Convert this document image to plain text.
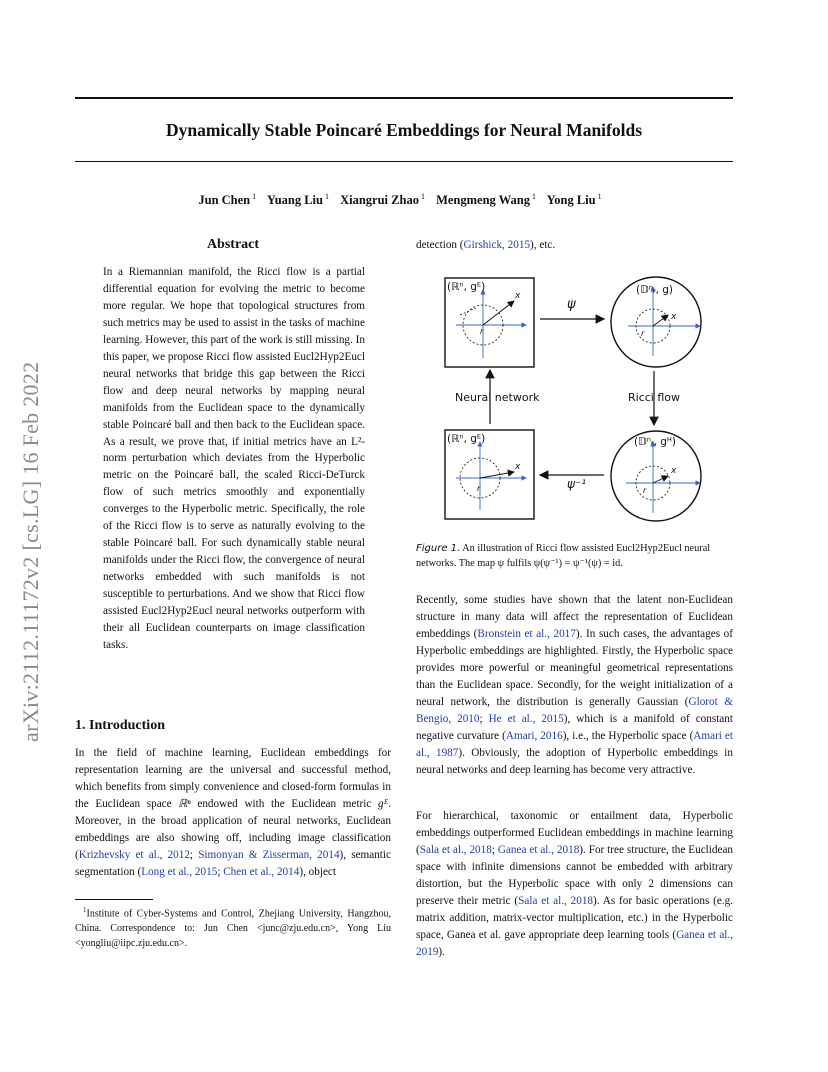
Dynamically Stable Poincaré Embeddings for Neural Manifolds
Jun Chen $^1$ Yuang Liu $^1$ Xiangrui Zhao $^1$ Mengmeng Wang $^1$ Yong Liu $^1$
arXiv:2112.11172v2 [cs.LG] 16 Feb 2022
Abstract
In a Riemannian manifold, the Ricci flow is a partial differential equation for evolving the metric to become more regular. We hope that topological structures from such metrics may be used to assist in the tasks of machine learning. However, this part of the work is still missing. In this paper, we propose Ricci flow assisted Eucl2Hyp2Eucl neural networks that bridge this gap between the Ricci flow and deep neural networks by mapping neural manifolds from the Euclidean space to the dynamically stable Poincaré ball and then back to the Euclidean space. As a result, we prove that, if initial metrics have an L²-norm perturbation which deviates from the Hyperbolic metric on the Poincaré ball, the scaled Ricci-DeTurck flow of such metrics smoothly and exponentially converges to the Hyperbolic metric. Specifically, the role of the Ricci flow is to serve as naturally evolving to the stable Poincaré ball. For such dynamically stable neural manifolds under the Ricci flow, the convergence of neural networks embedded with such manifolds is not susceptible to perturbations. And we show that Ricci flow assisted Eucl2Hyp2Eucl neural networks outperform with their all Euclidean counterparts on image classification tasks.
1. Introduction
In the field of machine learning, Euclidean embeddings for representation learning are the universal and successful method, which benefits from simply convenience and closed-form formulas in the Euclidean space ℝⁿ endowed with the Euclidean metric gᴱ. Moreover, in the broad application of neural networks, Euclidean embeddings are also showing off, including image classification (Krizhevsky et al., 2012; Simonyan & Zisserman, 2014), semantic segmentation (Long et al., 2015; Chen et al., 2014), object
$^1$Institute of Cyber-Systems and Control, Zhejiang University, Hangzhou, China. Correspondence to: Jun Chen <junc@zju.edu.cn>, Yong Liu <yongliu@iipc.zju.edu.cn>.
detection (Girshick, 2015), etc.
(ℝⁿ, gᴱ)	(𝔻ⁿᵣ, g)
(ℝⁿ, gᴱ)	(𝔻ⁿᵣ, gᴴ)
ψ
ψ⁻¹
Neural network	Ricci flow
x
r
x
r
x
r
x
r
Figure 1. An illustration of Ricci flow assisted Eucl2Hyp2Eucl neural networks. The map ψ fulfils ψ(ψ⁻¹) = ψ⁻¹(ψ) = id.
Recently, some studies have shown that the latent non-Euclidean structure in many data will affect the representation of Euclidean embeddings (Bronstein et al., 2017). In such cases, the advantages of Hyperbolic embeddings are highlighted. Firstly, the Hyperbolic space provides more powerful or meaningful geometrical representations than the Euclidean space. Secondly, for the weight initialization of a neural network, the distribution is generally Gaussian (Glorot & Bengio, 2010; He et al., 2015), which is a manifold of constant negative curvature (Amari, 2016), i.e., the Hyperbolic space (Amari et al., 1987). Obviously, the adoption of Hyperbolic embeddings in neural networks and deep learning has become very attractive.
For hierarchical, taxonomic or entailment data, Hyperbolic embeddings outperformed Euclidean embeddings in machine learning (Sala et al., 2018; Ganea et al., 2018). For tree structure, the Euclidean space with infinite dimensions cannot be embedded with arbitrary distortion, but the Hyperbolic space with only 2 dimensions can preserve their metric (Sala et al., 2018). As for basic operations (e.g. matrix addition, matrix-vector multiplication, etc.) in the Hyperbolic space, Ganea et al. gave appropriate deep learning tools (Ganea et al., 2019).
